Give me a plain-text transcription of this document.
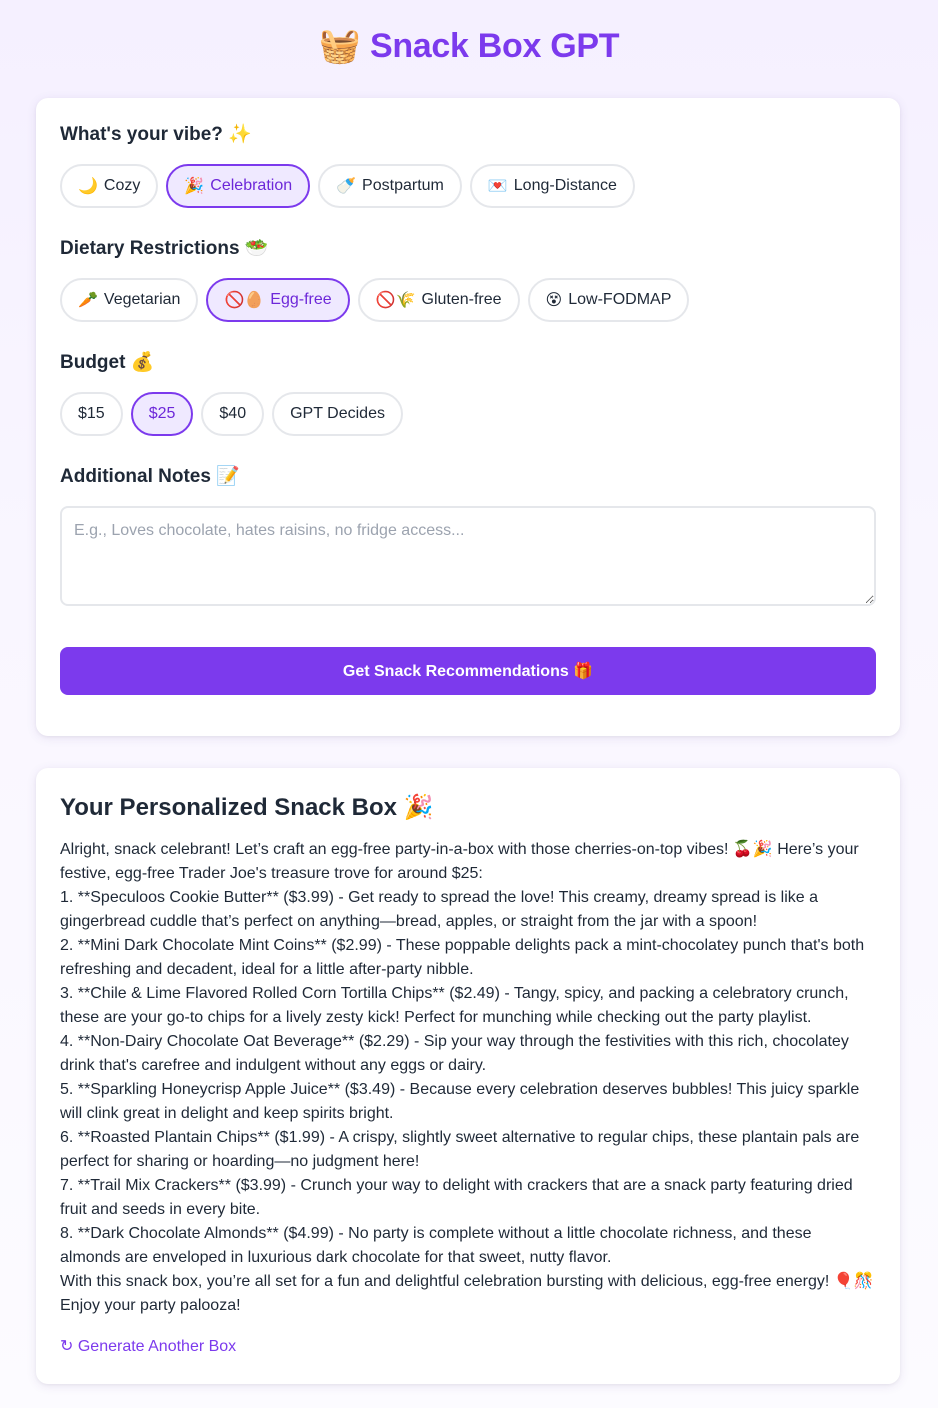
🧺 Snack Box GPT
What's your vibe? ✨
🌙 Cozy	🎉 Celebration	🍼 Postpartum	💌 Long-Distance
Dietary Restrictions 🥗
🥕 Vegetarian	🚫🥚 Egg-free	🚫🌾 Gluten-free	😵 Low-FODMAP
Budget 💰
$15	$25	$40	GPT Decides
Additional Notes 📝
E.g., Loves chocolate, hates raisins, no fridge access...
Get Snack Recommendations 🎁
Your Personalized Snack Box 🎉

Alright, snack celebrant! Let’s craft an egg-free party-in-a-box with those cherries-on-top vibes! 🍒🎉 Here’s your festive, egg-free Trader Joe's treasure trove for around $25:

1. **Speculoos Cookie Butter** ($3.99) - Get ready to spread the love! This creamy, dreamy spread is like a gingerbread cuddle that’s perfect on anything—bread, apples, or straight from the jar with a spoon!

2. **Mini Dark Chocolate Mint Coins** ($2.99) - These poppable delights pack a mint-chocolatey punch that's both refreshing and decadent, ideal for a little after-party nibble.

3. **Chile & Lime Flavored Rolled Corn Tortilla Chips** ($2.49) - Tangy, spicy, and packing a celebratory crunch, these are your go-to chips for a lively zesty kick! Perfect for munching while checking out the party playlist.

4. **Non-Dairy Chocolate Oat Beverage** ($2.29) - Sip your way through the festivities with this rich, chocolatey drink that's carefree and indulgent without any eggs or dairy.

5. **Sparkling Honeycrisp Apple Juice** ($3.49) - Because every celebration deserves bubbles! This juicy sparkle will clink great in delight and keep spirits bright.

6. **Roasted Plantain Chips** ($1.99) - A crispy, slightly sweet alternative to regular chips, these plantain pals are perfect for sharing or hoarding—no judgment here!

7. **Trail Mix Crackers** ($3.99) - Crunch your way to delight with crackers that are a snack party featuring dried fruit and seeds in every bite.

8. **Dark Chocolate Almonds** ($4.99) - No party is complete without a little chocolate richness, and these almonds are enveloped in luxurious dark chocolate for that sweet, nutty flavor.

With this snack box, you’re all set for a fun and delightful celebration bursting with delicious, egg-free energy! 🎈🎊 Enjoy your party palooza!

↻ Generate Another Box
